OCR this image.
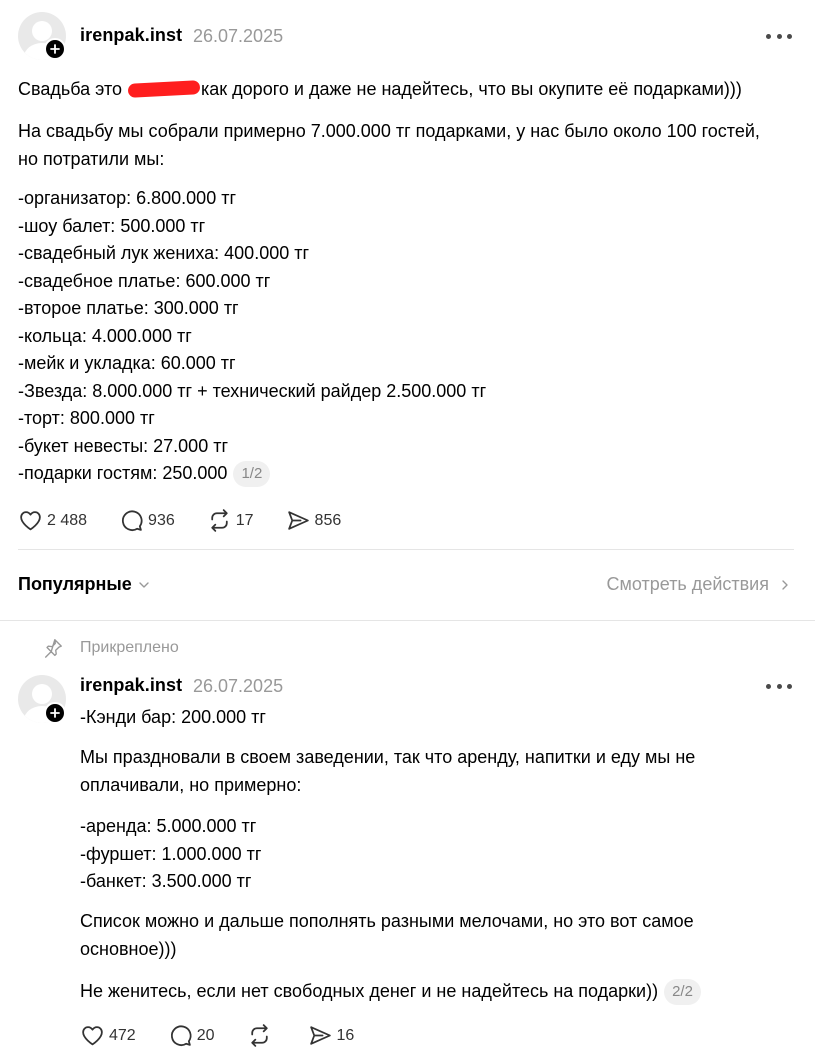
irenpak.inst 26.07.2025

Свадьба это	как дорого и даже не надейтесь, что вы окупите её подарками)))

На свадьбу мы собрали примерно 7.000.000 тг подарками, у нас было около 100 гостей, но потратили мы:

-организатор: 6.800.000 тг

-шоу балет: 500.000 тг

-свадебный лук жениха: 400.000 тг

-свадебное платье: 600.000 тг

-второе платье: 300.000 тг

-кольца: 4.000.000 тг

-мейк и укладка: 60.000 тг

-Звезда: 8.000.000 тг + технический райдер 2.500.000 тг

-торт: 800.000 тг

-букет невесты: 27.000 тг

-подарки гостям: 250.000 1/2

2 488	936	17	856
Популярные	Смотреть действия
Прикреплено
irenpak.inst 26.07.2025
-Кэнди бар: 200.000 тг
Мы праздновали в своем заведении, так что аренду, напитки и еду мы не оплачивали, но примерно:

-аренда: 5.000.000 тг

-фуршет: 1.000.000 тг

-банкет: 3.500.000 тг

Список можно и дальше пополнять разными мелочами, но это вот самое основное)))
Не женитесь, если нет свободных денег и не надейтесь на подарки)) 2/2
472	20	16
